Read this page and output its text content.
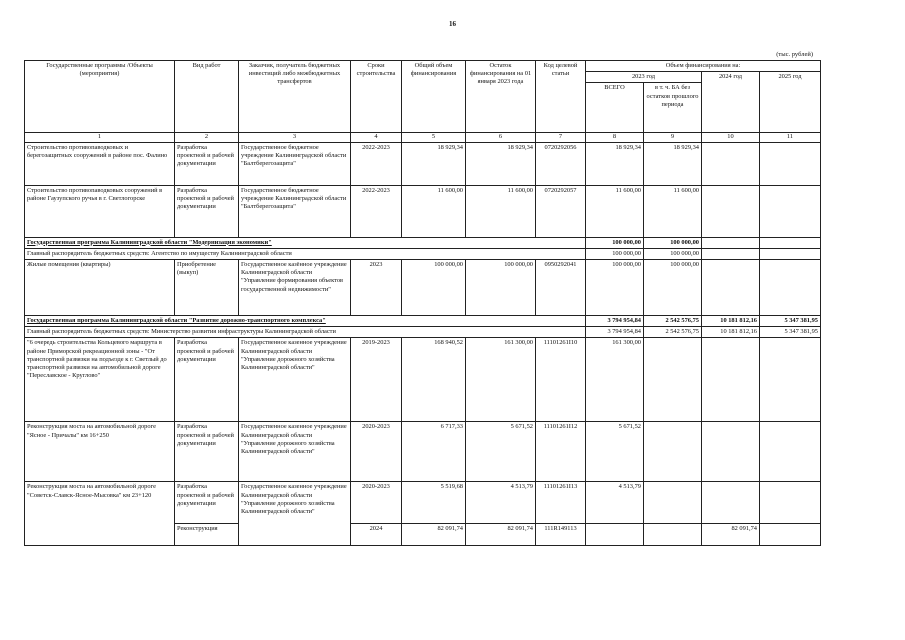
16
(тыс. рублей)
Государственные программы /Объекты (мероприятия)	Вид работ	Заказчик, получатель бюджетных инвестиций либо межбюджетных трансфертов	Сроки строительства	Общий объем финансирования	Остаток финансирования на 01 января 2023 года	Код целевой статьи	Объем финансирования на:			
							2023 год		2024 год	2025 год
							ВСЕГО	в т. ч. БА без остатков прошлого периода		
1	2	3	4	5	6	7	8	9	10	11
Строительство противопаводковых и берегозащитных сооружений в районе пос. Фалино	Разработка проектной и рабочей документации	Государственное бюджетное учреждение Калининградской области "Балтберегозащита"	2022-2023	18 929,34	18 929,34	0720292056	18 929,34	18 929,34		
Строительство противопаводковых сооружений в районе Гаузупского ручья в г. Светлогорске	Разработка проектной и рабочей документации	Государственное бюджетное учреждение Калининградской области "Балтберегозащита"	2022-2023	11 600,00	11 600,00	0720292057	11 600,00	11 600,00		
Государственная программа Калининградской области "Модернизация экономики"							100 000,00	100 000,00		
Главный распорядитель бюджетных средств: Агентство по имуществу Калининградской области							100 000,00	100 000,00		
Жилые помещения (квартиры)	Приобретение (выкуп)	Государственное казённое учреждение Калининградской области "Управление формирования объектов государственной недвижимости"	2023	100 000,00	100 000,00	0950292041	100 000,00	100 000,00		
Государственная программа Калининградской области "Развитие дорожно-транспортного комплекса"							3 794 954,84	2 542 576,75	10 181 812,16	5 347 381,95
Главный распорядитель бюджетных средств: Министерство развития инфраструктуры Калининградской области							3 794 954,84	2 542 576,75	10 181 812,16	5 347 381,95
"6 очередь строительства Кольцевого маршрута в районе Приморской рекреационной зоны - "От транспортной развязки на подъезде к г. Светлый до транспортной развязки на автомобильной дороге "Переславское - Круглово"	Разработка проектной и рабочей документации	Государственное казенное учреждение Калининградской области "Управление дорожного хозяйства Калининградской области"	2019-2023	168 940,52	161 300,00	11101261I10	161 300,00			
Реконструкция моста на автомобильной дороге "Ясное - Причалы" км 16+250	Разработка проектной и рабочей документации	Государственное казенное учреждение Калининградской области "Управление дорожного хозяйства Калининградской области"	2020-2023	6 717,33	5 671,52	11101261I12	5 671,52			
Реконструкция моста на автомобильной дороге "Советск-Славск-Ясное-Мысовка" км 23+120	Разработка проектной и рабочей документации	Государственное казенное учреждение Калининградской области "Управление дорожного хозяйства Калининградской области"	2020-2023	5 519,68	4 513,79	11101261I13	4 513,79			
	Реконструкция		2024	82 091,74	82 091,74	111R149113			82 091,74	
